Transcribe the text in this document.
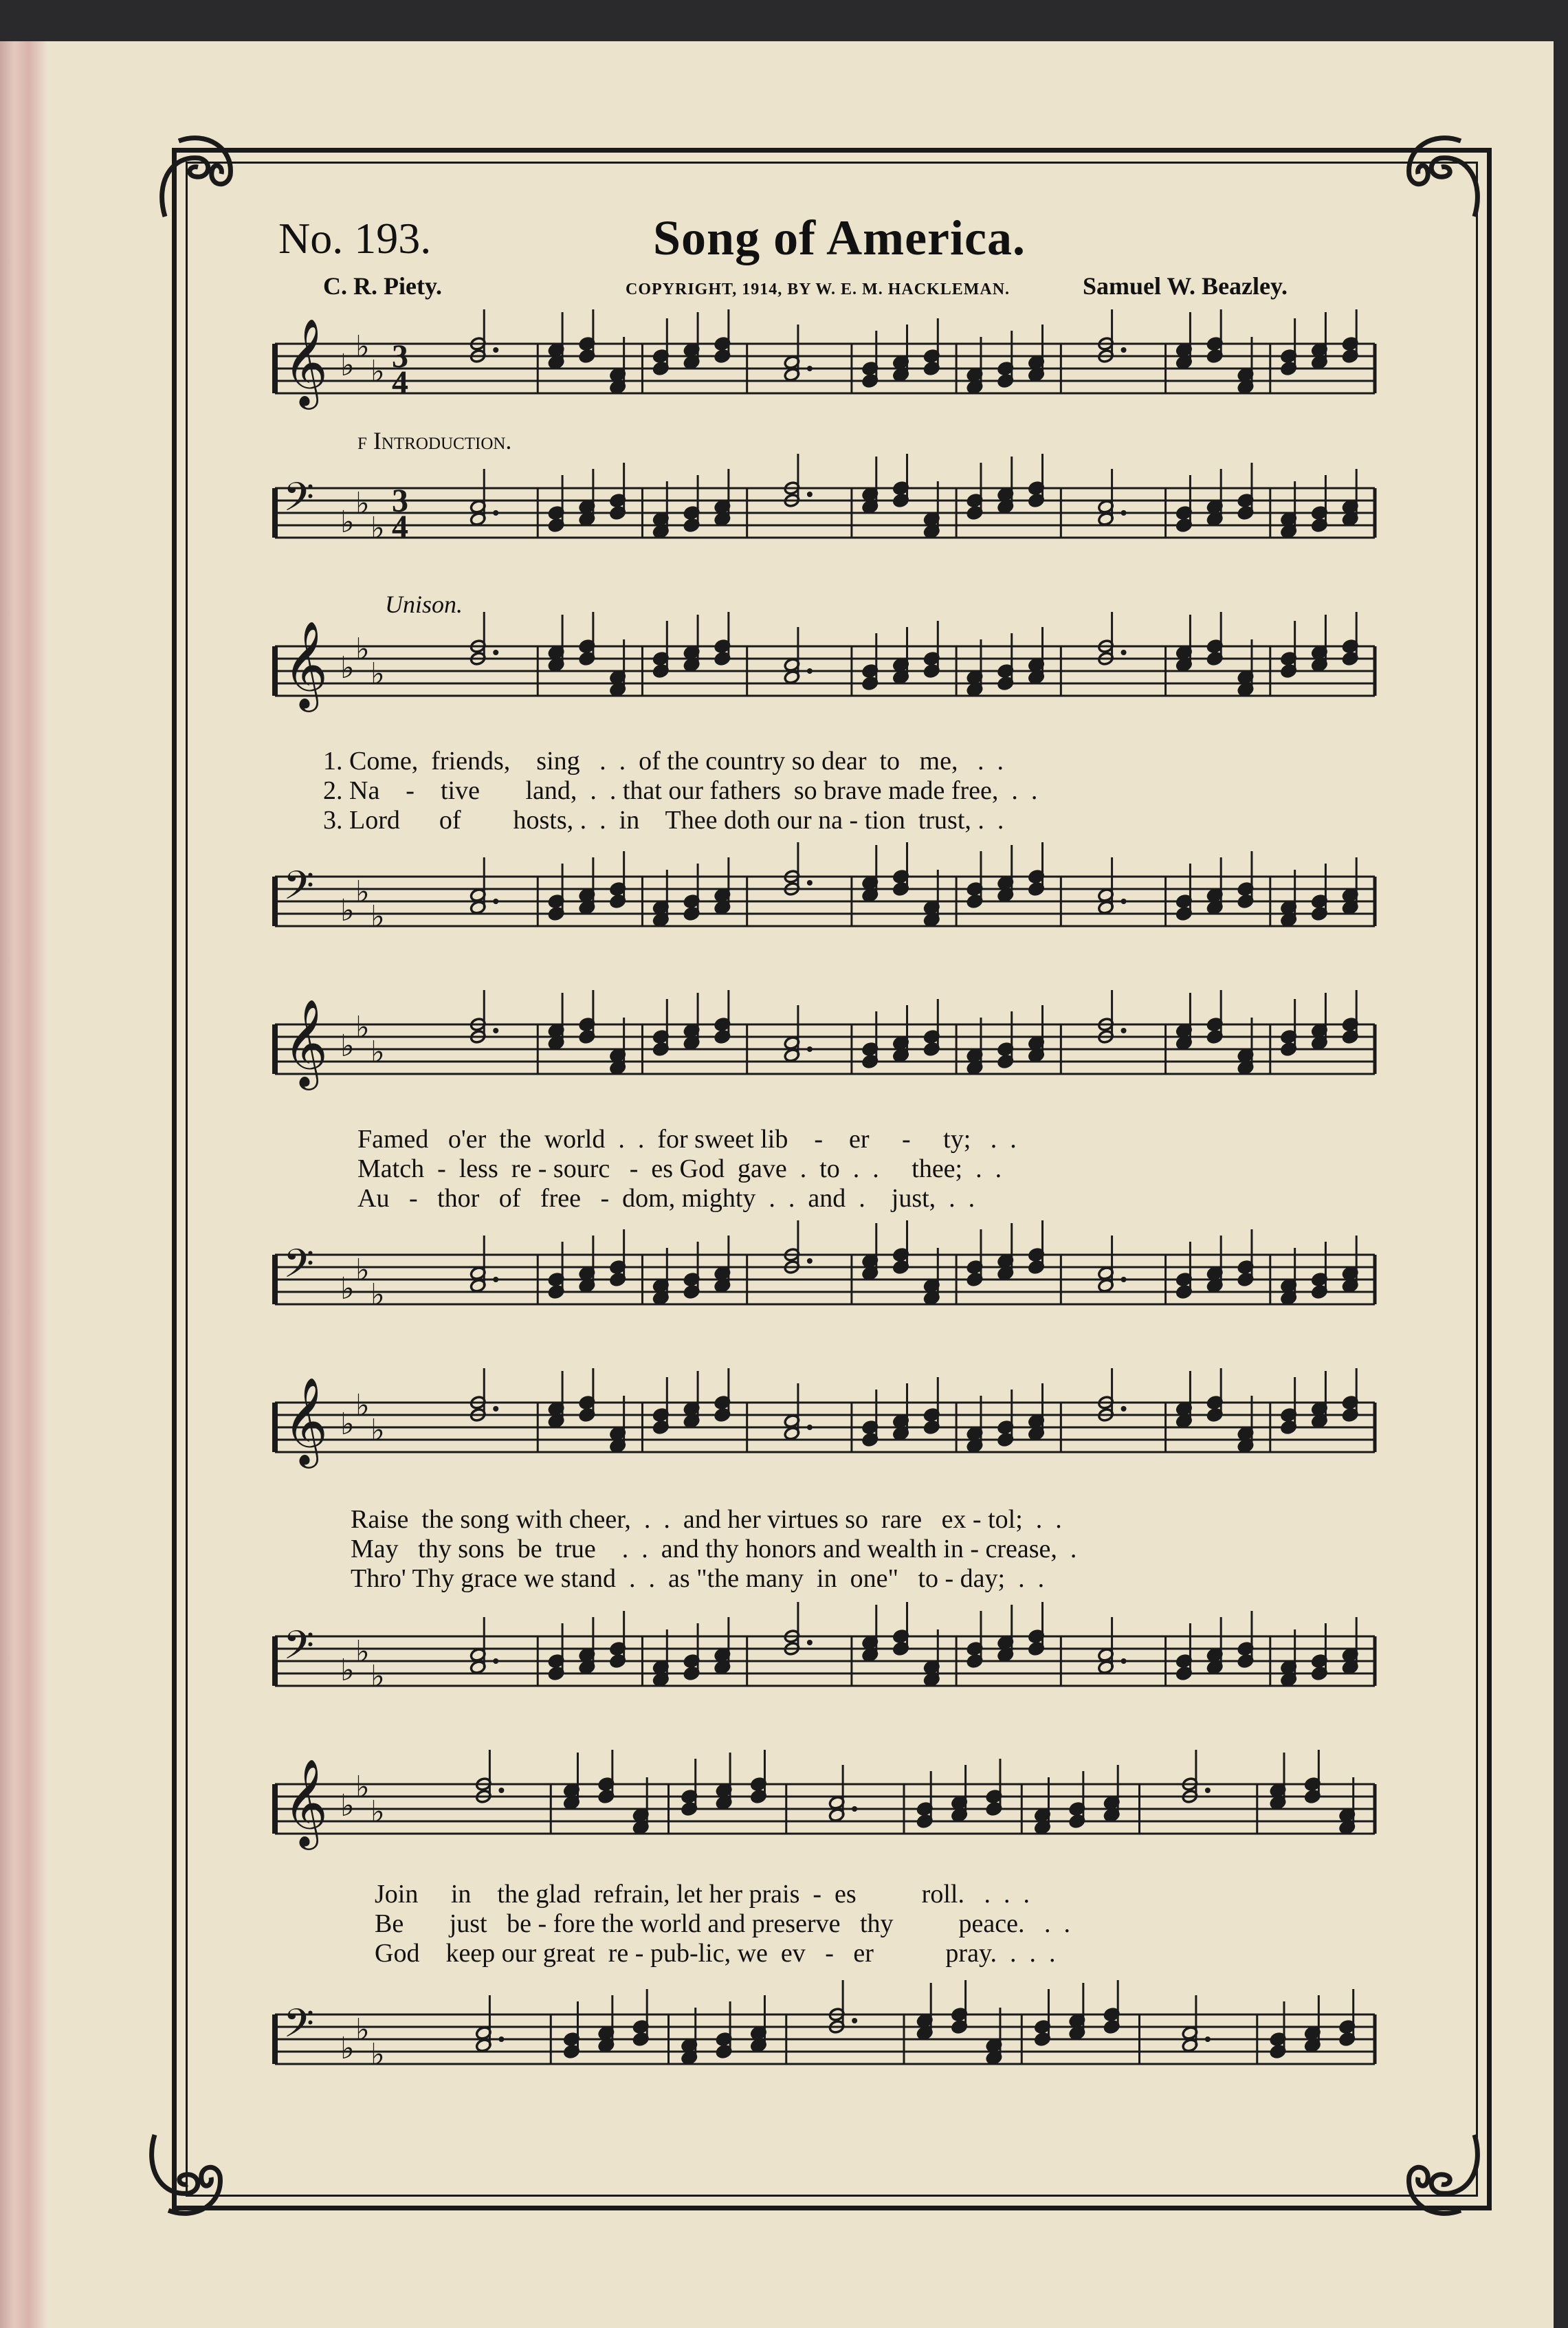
No. 193.	Song of America.
C. R. Piety.	COPYRIGHT, 1914, BY W. E. M. HACKLEMAN.	Samuel W. Beazley.
f Introduction.
Unison.
𝄞 ♭
♭
♭ 3
4
𝄢 ♭
♭
♭
3
4
𝄞 ♭
♭
♭
1. Come,  friends,    sing   .  .  of the country so dear  to   me,   .  .
2. Na    -    tive       land,  .  . that our fathers  so brave made free,  .  .
3. Lord      of        hosts, .  .  in    Thee doth our na - tion  trust, .  .
𝄢 ♭
♭
♭
𝄞 ♭
♭
♭
Famed   o'er  the  world  .  .  for sweet lib    -    er     -     ty;   .  .
Match  -  less  re - sourc   -  es God  gave  .  to  .  .     thee;  .  .
Au   -   thor   of   free   -  dom, mighty  .  .  and  .    just,  .  .
𝄢 ♭
♭
♭
𝄞 ♭
♭
♭
Raise  the song with cheer,  .  .  and her virtues so  rare   ex - tol;  .  .
May   thy sons  be  true    .  .  and thy honors and wealth in - crease,  .
Thro' Thy grace we stand  .  .  as "the many  in  one"   to - day;  .  .
𝄢 ♭
♭
♭
𝄞 ♭
♭
♭
Join     in    the glad  refrain, let her prais  -  es          roll.   .  .  .
Be       just   be - fore the world and preserve   thy          peace.   .  .
God    keep our great  re - pub-lic, we  ev   -   er           pray.  .  .  .
𝄢 ♭
♭
♭
